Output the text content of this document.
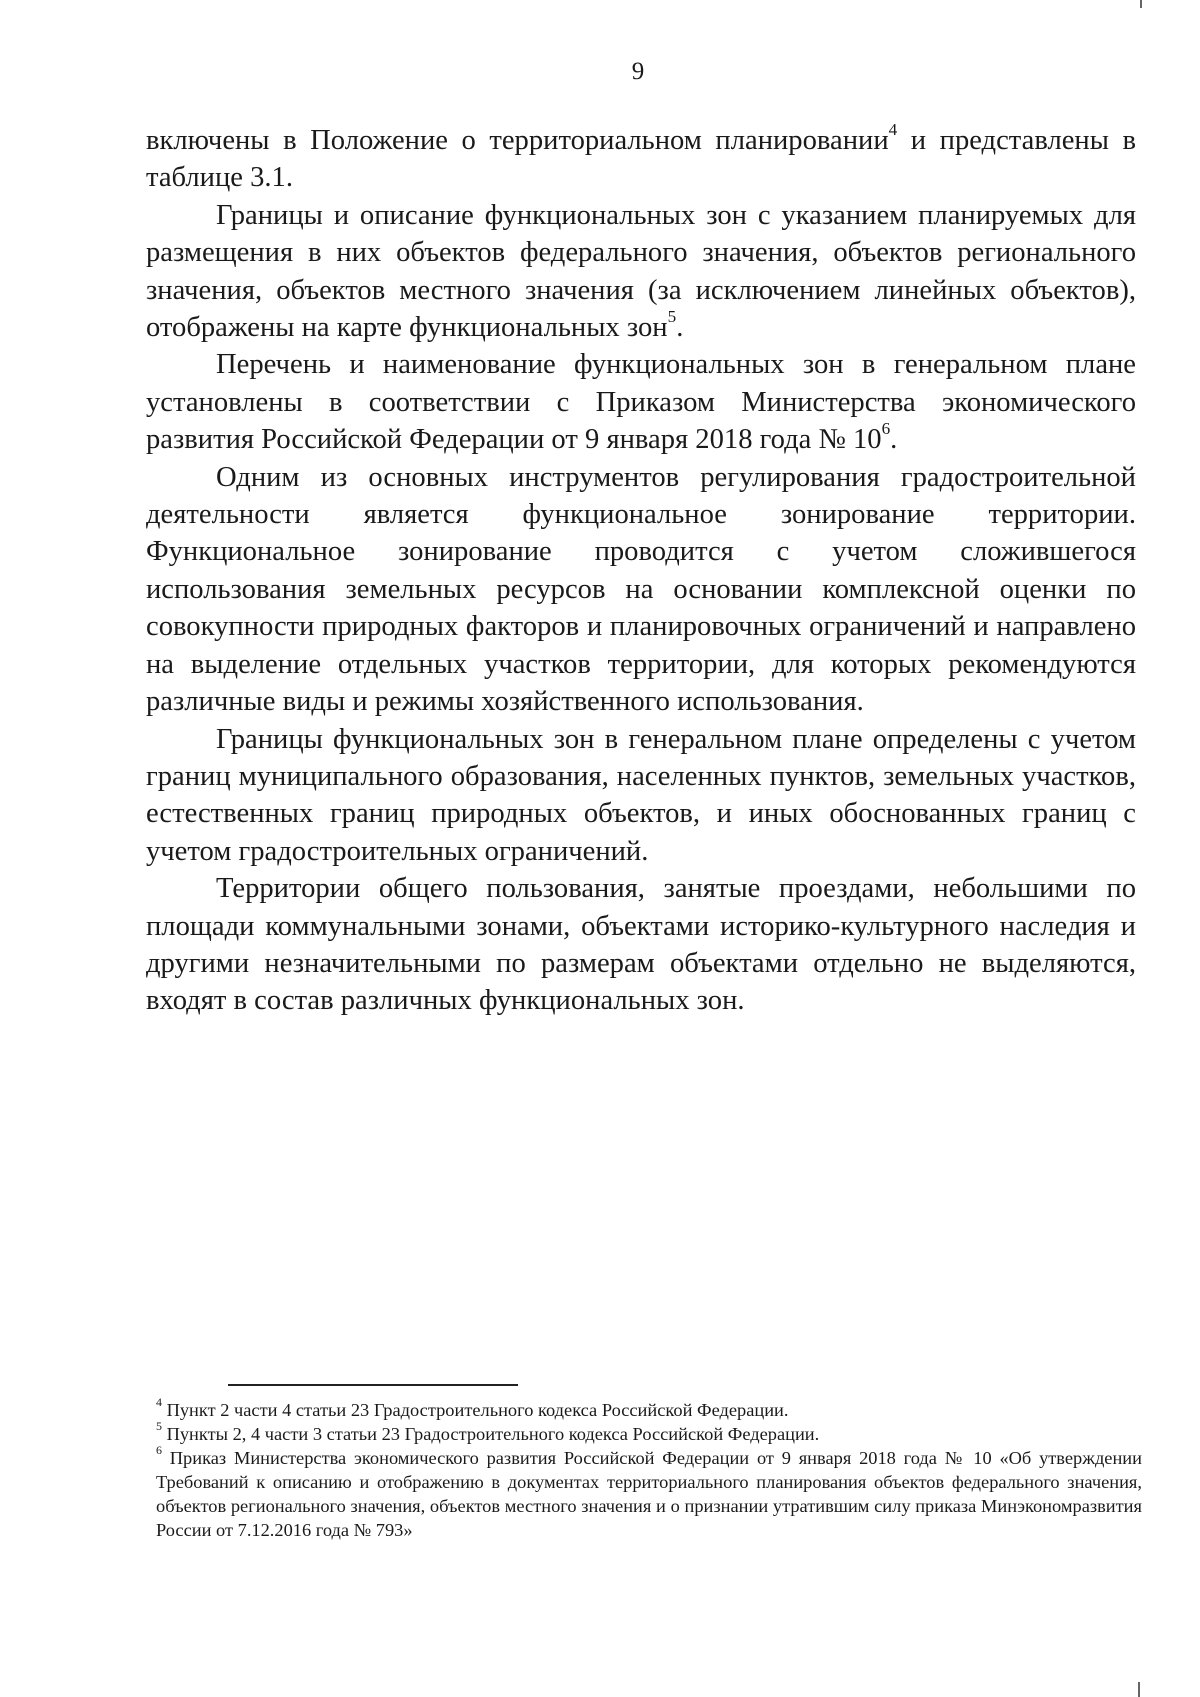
9

включены в Положение о территориальном планировании$^4$ и представлены в таблице 3.1.

Границы и описание функциональных зон с указанием планируемых для размещения в них объектов федерального значения, объектов регионального значения, объектов местного значения (за исключением линейных объектов), отображены на карте функциональных зон$^5$.

Перечень и наименование функциональных зон в генеральном плане установлены в соответствии с Приказом Министерства экономического развития Российской Федерации от 9 января 2018 года № $10^6$.

Одним из основных инструментов регулирования градостроительной деятельности является функциональное зонирование территории. Функциональное зонирование проводится с учетом сложившегося использования земельных ресурсов на основании комплексной оценки по совокупности природных факторов и планировочных ограничений и направлено на выделение отдельных участков территории, для которых рекомендуются различные виды и режимы хозяйственного использования.

Границы функциональных зон в генеральном плане определены с учетом границ муниципального образования, населенных пунктов, земельных участков, естественных границ природных объектов, и иных обоснованных границ с учетом градостроительных ограничений.

Территории общего пользования, занятые проездами, небольшими по площади коммунальными зонами, объектами историко-культурного наследия и другими незначительными по размерам объектами отдельно не выделяются, входят в состав различных функциональных зон.

$^4$ Пункт 2 части 4 статьи 23 Градостроительного кодекса Российской Федерации.

$^5$ Пункты 2, 4 части 3 статьи 23 Градостроительного кодекса Российской Федерации.

$^6$ Приказ Министерства экономического развития Российской Федерации от 9 января 2018 года № 10 «Об утверждении Требований к описанию и отображению в документах территориального планирования объектов федерального значения, объектов регионального значения, объектов местного значения и о признании утратившим силу приказа Минэкономразвития России от 7.12.2016 года № 793»
